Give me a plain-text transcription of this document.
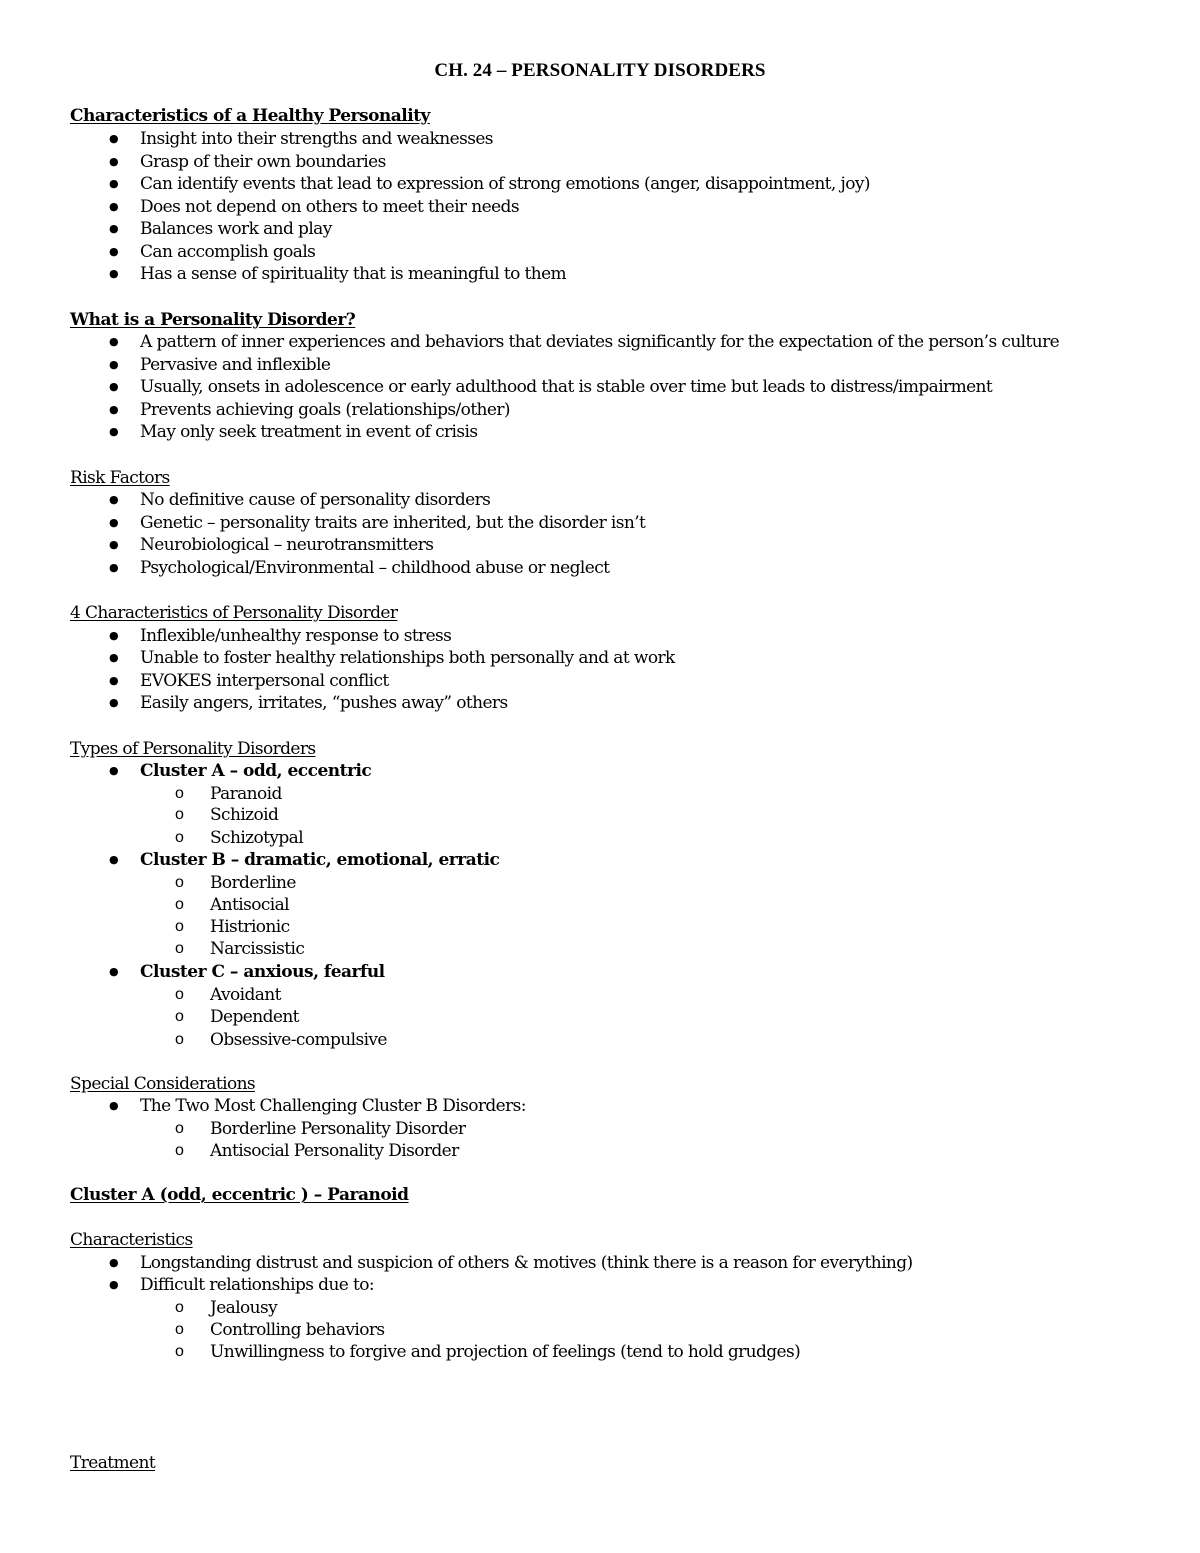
CH. 24 – PERSONALITY DISORDERS
Characteristics of a Healthy Personality
● Insight into their strengths and weaknesses
● Grasp of their own boundaries
● Can identify events that lead to expression of strong emotions (anger, disappointment, joy)
● Does not depend on others to meet their needs
● Balances work and play
● Can accomplish goals
● Has a sense of spirituality that is meaningful to them
What is a Personality Disorder?
● A pattern of inner experiences and behaviors that deviates significantly for the expectation of the person’s culture
● Pervasive and inflexible
● Usually, onsets in adolescence or early adulthood that is stable over time but leads to distress/impairment
● Prevents achieving goals (relationships/other)
● May only seek treatment in event of crisis
Risk Factors
● No definitive cause of personality disorders
● Genetic – personality traits are inherited, but the disorder isn’t
● Neurobiological – neurotransmitters
● Psychological/Environmental – childhood abuse or neglect
4 Characteristics of Personality Disorder
● Inflexible/unhealthy response to stress
● Unable to foster healthy relationships both personally and at work
● EVOKES interpersonal conflict
● Easily angers, irritates, “pushes away” others
Types of Personality Disorders
● Cluster A – odd, eccentric
o Paranoid
o Schizoid
o Schizotypal
● Cluster B – dramatic, emotional, erratic
o Borderline
o Antisocial
o Histrionic
o Narcissistic
● Cluster C – anxious, fearful
o Avoidant
o Dependent
o Obsessive-compulsive
Special Considerations
● The Two Most Challenging Cluster B Disorders:
o Borderline Personality Disorder
o Antisocial Personality Disorder
Cluster A (odd, eccentric ) – Paranoid
Characteristics
● Longstanding distrust and suspicion of others & motives (think there is a reason for everything)
● Difficult relationships due to:
o Jealousy
o Controlling behaviors
o Unwillingness to forgive and projection of feelings (tend to hold grudges)
Treatment
